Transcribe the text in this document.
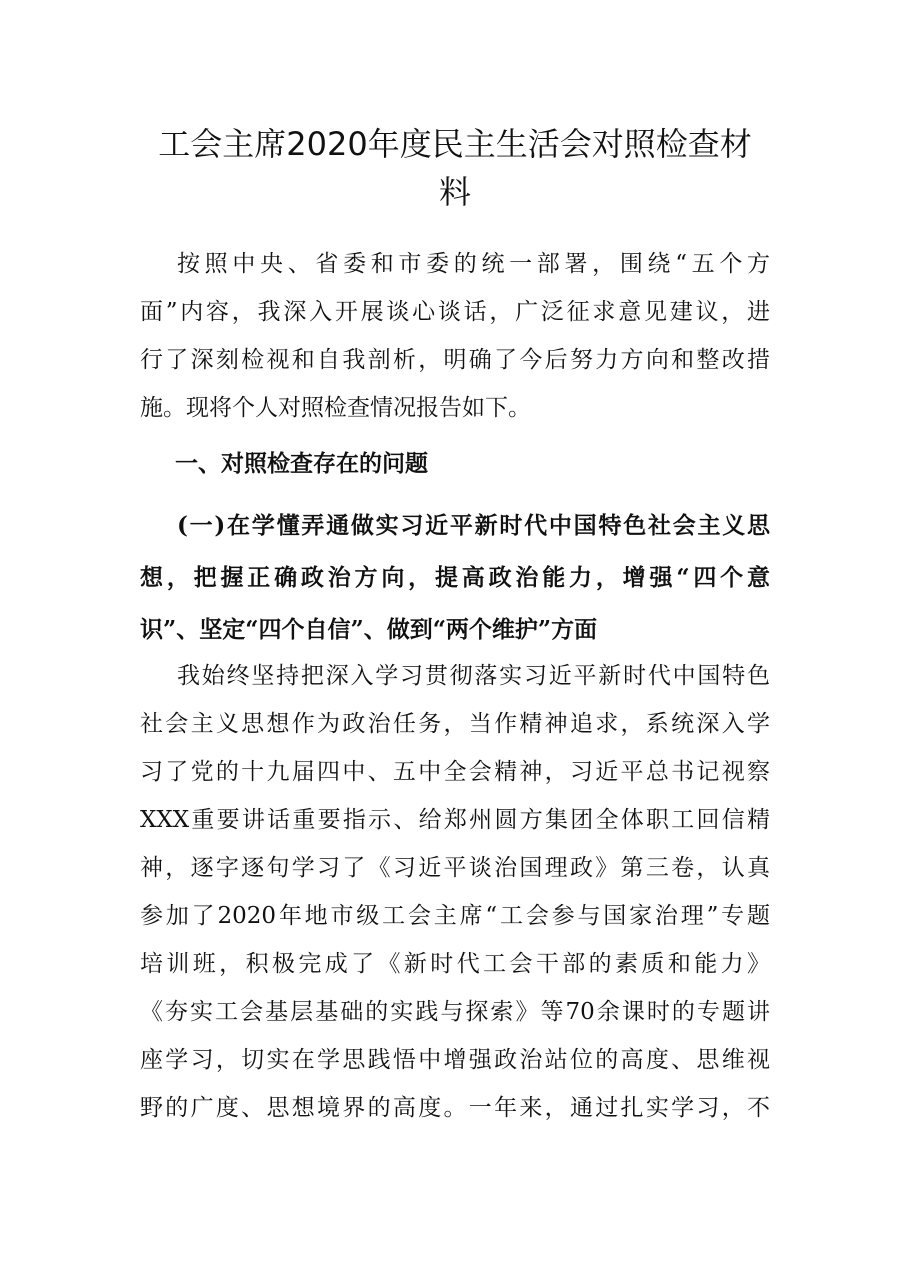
工会主席2020年度民主生活会对照检查材
料

按照中央、省委和市委的统一部署，围绕“五个方
面”内容，我深入开展谈心谈话，广泛征求意见建议，进
行了深刻检视和自我剖析，明确了今后努力方向和整改措
施。现将个人对照检查情况报告如下。

一、对照检查存在的问题
(一)在学懂弄通做实习近平新时代中国特色社会主义思
想，把握正确政治方向，提高政治能力，增强“四个意
识”、坚定“四个自信”、做到“两个维护”方面

我始终坚持把深入学习贯彻落实习近平新时代中国特色
社会主义思想作为政治任务，当作精神追求，系统深入学
习了党的十九届四中、五中全会精神，习近平总书记视察
XXX重要讲话重要指示、给郑州圆方集团全体职工回信精
神，逐字逐句学习了《习近平谈治国理政》第三卷，认真
参加了2020年地市级工会主席“工会参与国家治理”专题
培训班，积极完成了《新时代工会干部的素质和能力》
《夯实工会基层基础的实践与探索》等70余课时的专题讲
座学习，切实在学思践悟中增强政治站位的高度、思维视
野的广度、思想境界的高度。一年来，通过扎实学习，不
